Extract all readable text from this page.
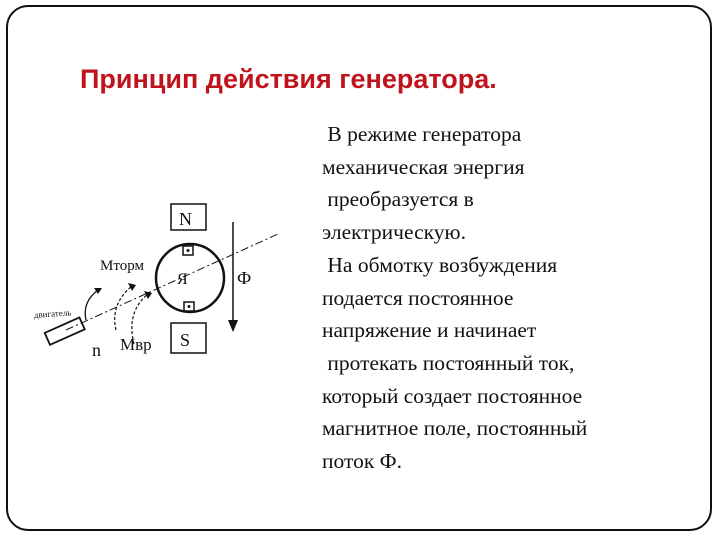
Принцип действия генератора.
В режиме генератора
механическая энергия
преобразуется в
электрическую.
На обмотку возбуждения
подается постоянное
напряжение и начинает
протекать постоянный ток,
который создает постоянное
магнитное поле, постоянный
поток Ф.
N
S
Я	Ф
двигатель
Мторм
Мвр
n
